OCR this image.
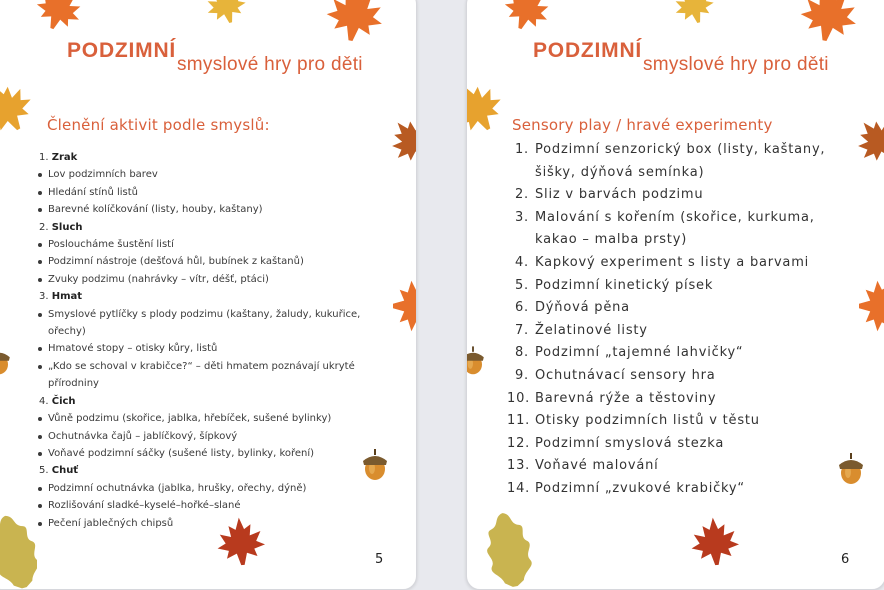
PODZIMNÍ
smyslové hry pro děti
Členění aktivit podle smyslů:
1. Zrak
Lov podzimních barev
Hledání stínů listů
Barevné kolíčkování (listy, houby, kaštany)
2. Sluch
Posloucháme šustění listí
Podzimní nástroje (dešťová hůl, bubínek z kaštanů)
Zvuky podzimu (nahrávky – vítr, déšť, ptáci)
3. Hmat
Smyslové pytlíčky s plody podzimu (kaštany, žaludy, kukuřice, ořechy)
Hmatové stopy – otisky kůry, listů
„Kdo se schoval v krabičce?“ – děti hmatem poznávají ukryté přírodniny
4. Čich
Vůně podzimu (skořice, jablka, hřebíček, sušené bylinky)
Ochutnávka čajů – jablíčkový, šípkový
Voňavé podzimní sáčky (sušené listy, bylinky, koření)
5. Chuť
Podzimní ochutnávka (jablka, hrušky, ořechy, dýně)
Rozlišování sladké–kyselé–hořké–slané
Pečení jablečných chipsů
5
PODZIMNÍ
smyslové hry pro děti
Sensory play / hravé experimenty
1. Podzimní senzorický box (listy, kaštany, šišky, dýňová semínka)
2. Sliz v barvách podzimu
3. Malování s kořením (skořice, kurkuma, kakao – malba prsty)
4. Kapkový experiment s listy a barvami
5. Podzimní kinetický písek
6. Dýňová pěna
7. Želatinové listy
8. Podzimní „tajemné lahvičky“
9. Ochutnávací sensory hra
10. Barevná rýže a těstoviny
11. Otisky podzimních listů v těstu
12. Podzimní smyslová stezka
13. Voňavé malování
14. Podzimní „zvukové krabičky“
6
